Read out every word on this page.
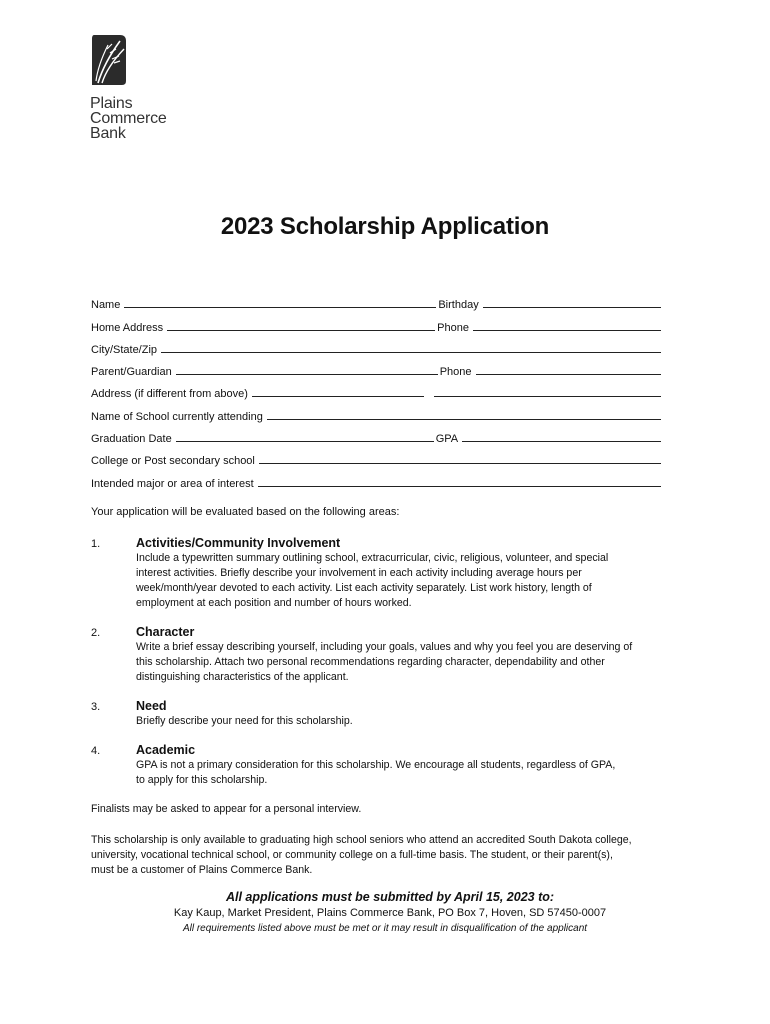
Plains
Commerce
Bank
2023 Scholarship Application
Name	Birthday
Home Address	Phone
City/State/Zip
Parent/Guardian	Phone
Address (if different from above)
Name of School currently attending
Graduation Date	GPA
College or Post secondary school
Intended major or area of interest
Your application will be evaluated based on the following areas:
1.	Activities/Community Involvement
Include a typewritten summary outlining school, extracurricular, civic, religious, volunteer, and special
interest activities. Briefly describe your involvement in each activity including average hours per
week/month/year devoted to each activity. List each activity separately. List work history, length of
employment at each position and number of hours worked.
2.	Character
Write a brief essay describing yourself, including your goals, values and why you feel you are deserving of
this scholarship. Attach two personal recommendations regarding character, dependability and other
distinguishing characteristics of the applicant.
3.	Need
Briefly describe your need for this scholarship.
4.	Academic
GPA is not a primary consideration for this scholarship. We encourage all students, regardless of GPA,
to apply for this scholarship.
Finalists may be asked to appear for a personal interview.
This scholarship is only available to graduating high school seniors who attend an accredited South Dakota college,
university, vocational technical school, or community college on a full-time basis. The student, or their parent(s),
must be a customer of Plains Commerce Bank.
All applications must be submitted by April 15, 2023 to:
Kay Kaup, Market President, Plains Commerce Bank, PO Box 7, Hoven, SD 57450-0007
All requirements listed above must be met or it may result in disqualification of the applicant
